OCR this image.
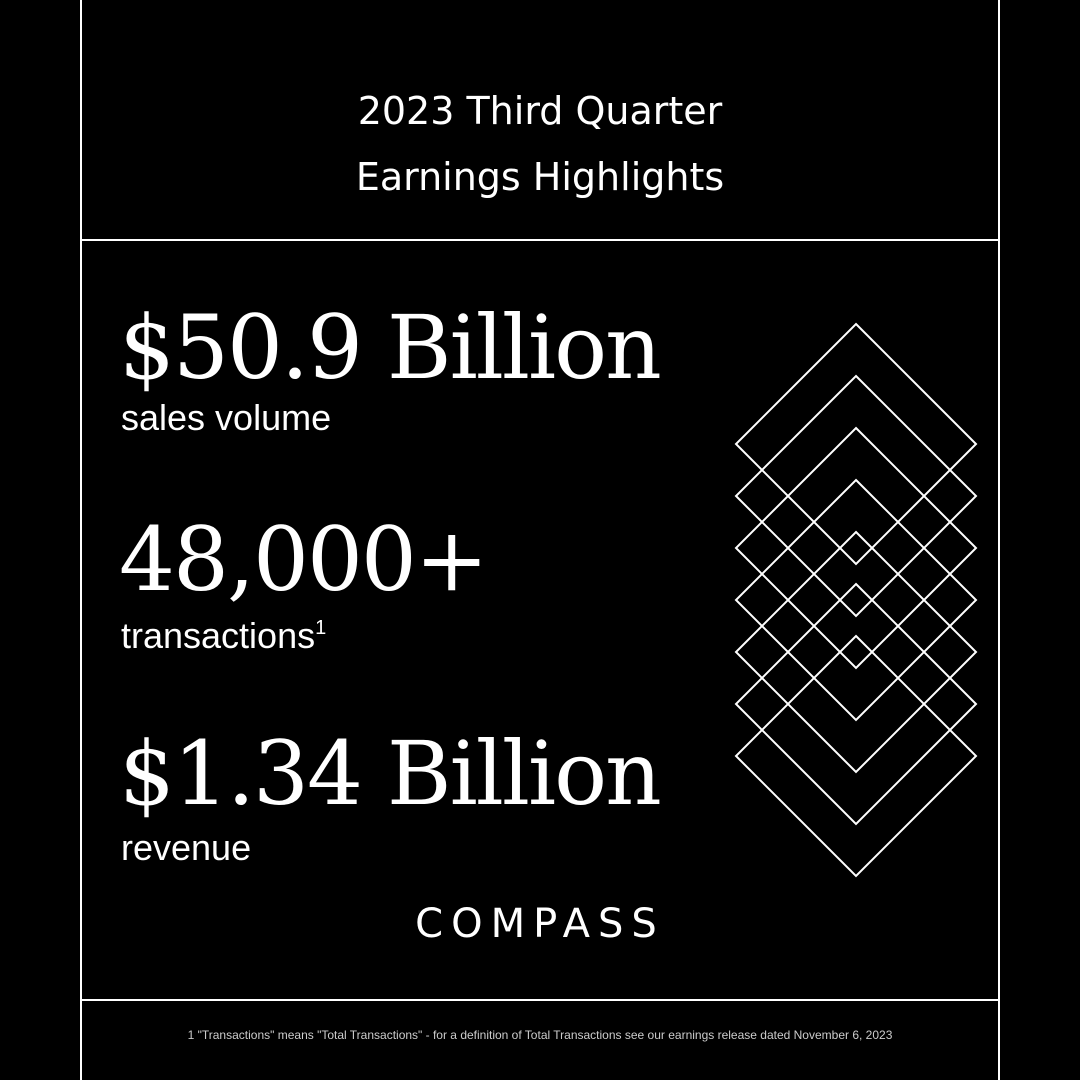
2023 Third Quarter
Earnings Highlights
$50.9 Billion
sales volume
48,000+
transactions$^1$
$1.34 Billion
revenue
COMPASS
1 "Transactions" means "Total Transactions" - for a definition of Total Transactions see our earnings release dated November 6, 2023
